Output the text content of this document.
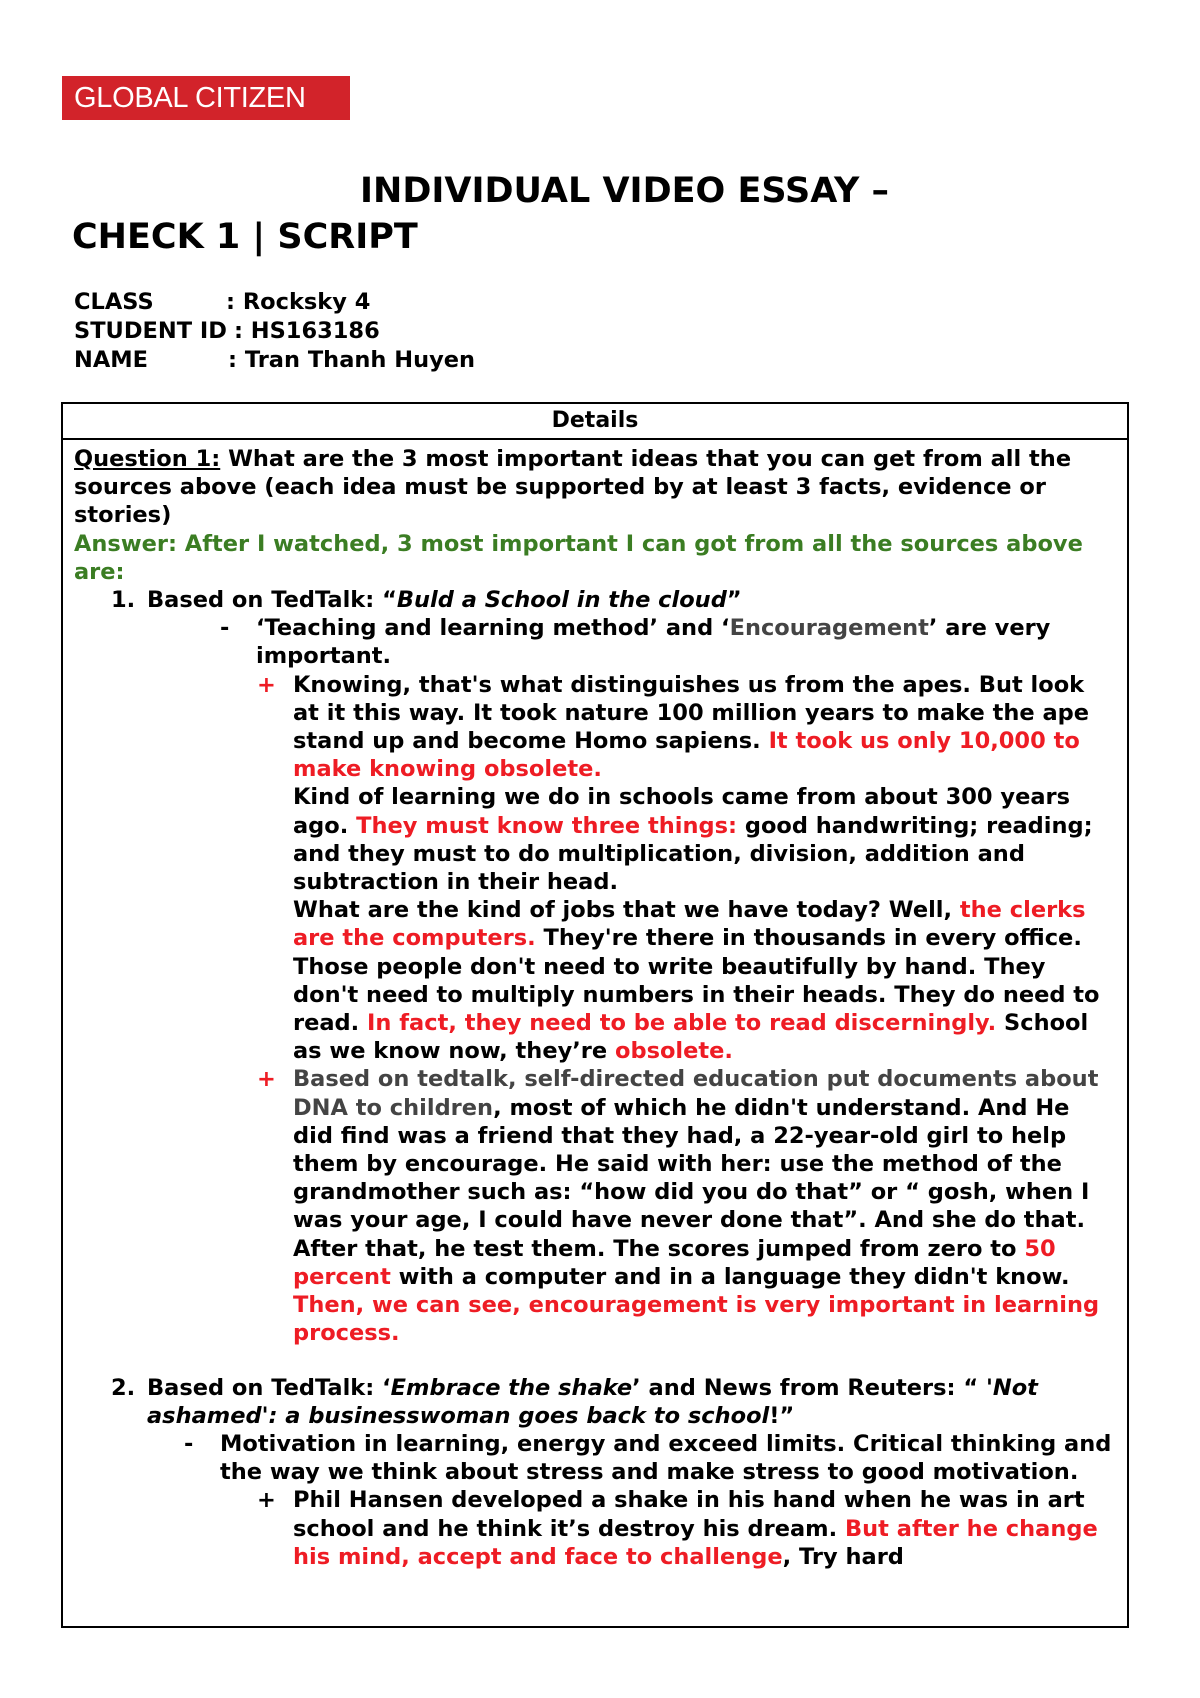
GLOBAL CITIZEN
INDIVIDUAL VIDEO ESSAY –
CHECK 1 | SCRIPT
CLASS	: Rocksky 4
STUDENT ID : HS163186
NAME	: Tran Thanh Huyen
Details
Question 1: What are the 3 most important ideas that you can get from all the sources above (each idea must be supported by at least 3 facts, evidence or stories)
Answer: After I watched, 3 most important I can got from all the sources above are:
1. Based on TedTalk: “Buld a School in the cloud”
-	‘Teaching and learning method’ and ‘Encouragement’ are very important.
+ Knowing, that's what distinguishes us from the apes. But look at it this way. It took nature 100 million years to make the ape stand up and become Homo sapiens. It took us only 10,000 to make knowing obsolete.
Kind of learning we do in schools came from about 300 years ago. They must know three things: good handwriting; reading; and they must to do multiplication, division, addition and subtraction in their head.
What are the kind of jobs that we have today? Well, the clerks are the computers. They're there in thousands in every office. Those people don't need to write beautifully by hand. They don't need to multiply numbers in their heads. They do need to read. In fact, they need to be able to read discerningly. School as we know now, they’re obsolete.
+ Based on tedtalk, self-directed education put documents about DNA to children, most of which he didn't understand. And He did find was a friend that they had, a 22-year-old girl to help them by encourage. He said with her: use the method of the grandmother such as: “how did you do that” or “ gosh, when I was your age, I could have never done that”. And she do that. After that, he test them. The scores jumped from zero to 50 percent with a computer and in a language they didn't know. Then, we can see, encouragement is very important in learning process.
2. Based on TedTalk: ‘Embrace the shake’ and News from Reuters: “ 'Not ashamed': a businesswoman goes back to school!”
-	Motivation in learning, energy and exceed limits. Critical thinking and the way we think about stress and make stress to good motivation.
+ Phil Hansen developed a shake in his hand when he was in art school and he think it’s destroy his dream. But after he change his mind, accept and face to challenge, Try hard
